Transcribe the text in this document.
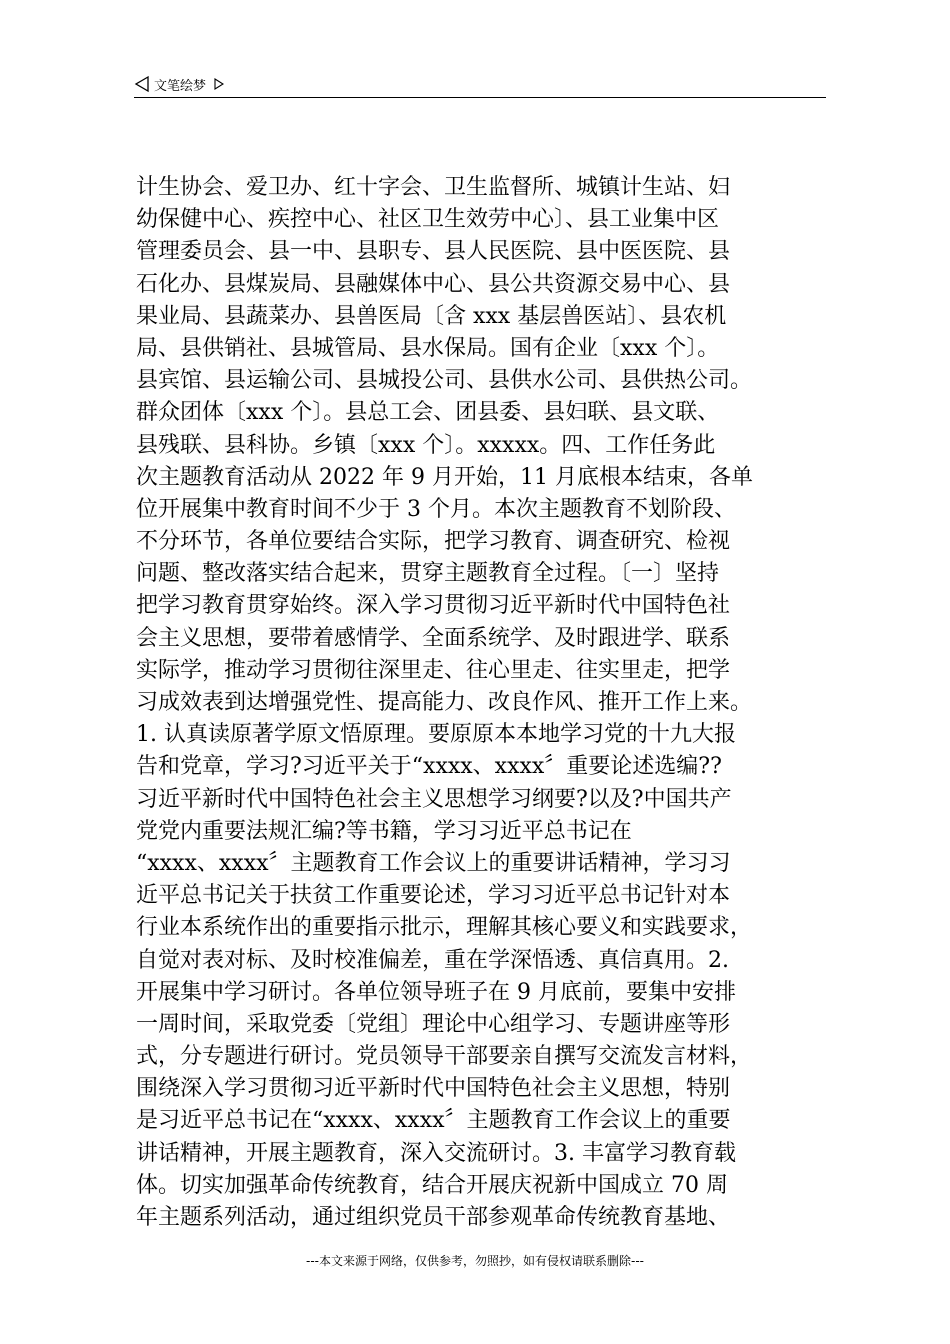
文笔绘梦
计生协会、爱卫办、红十字会、卫生监督所、城镇计生站、妇
幼保健中心、疾控中心、社区卫生效劳中心〕、县工业集中区
管理委员会、县一中、县职专、县人民医院、县中医医院、县
石化办、县煤炭局、县融媒体中心、县公共资源交易中心、县
果业局、县蔬菜办、县兽医局〔含 xxx 基层兽医站〕、县农机
局、县供销社、县城管局、县水保局。国有企业〔xxx 个〕。
县宾馆、县运输公司、县城投公司、县供水公司、县供热公司。
群众团体〔xxx 个〕。县总工会、团县委、县妇联、县文联、
县残联、县科协。乡镇〔xxx 个〕。xxxxx。四、工作任务此
次主题教育活动从 2022 年 9 月开始，11 月底根本结束，各单
位开展集中教育时间不少于 3 个月。本次主题教育不划阶段、
不分环节，各单位要结合实际，把学习教育、调查研究、检视
问题、整改落实结合起来，贯穿主题教育全过程。〔一〕坚持
把学习教育贯穿始终。深入学习贯彻习近平新时代中国特色社
会主义思想，要带着感情学、全面系统学、及时跟进学、联系
实际学，推动学习贯彻往深里走、往心里走、往实里走，把学
习成效表到达增强党性、提高能力、改良作风、推开工作上来。
1. 认真读原著学原文悟原理。要原原本本地学习党的十九大报
告和党章，学习?习近平关于“xxxx、xxxx〞重要论述选编??
习近平新时代中国特色社会主义思想学习纲要?以及?中国共产
党党内重要法规汇编?等书籍，学习习近平总书记在
“xxxx、xxxx〞主题教育工作会议上的重要讲话精神，学习习
近平总书记关于扶贫工作重要论述，学习习近平总书记针对本
行业本系统作出的重要指示批示，理解其核心要义和实践要求，
自觉对表对标、及时校准偏差，重在学深悟透、真信真用。2.
开展集中学习研讨。各单位领导班子在 9 月底前，要集中安排
一周时间，采取党委〔党组〕理论中心组学习、专题讲座等形
式，分专题进行研讨。党员领导干部要亲自撰写交流发言材料，
围绕深入学习贯彻习近平新时代中国特色社会主义思想，特别
是习近平总书记在“xxxx、xxxx〞主题教育工作会议上的重要
讲话精神，开展主题教育，深入交流研讨。3. 丰富学习教育载
体。切实加强革命传统教育，结合开展庆祝新中国成立 70 周
年主题系列活动，通过组织党员干部参观革命传统教育基地、
---本文来源于网络，仅供参考，勿照抄，如有侵权请联系删除---
